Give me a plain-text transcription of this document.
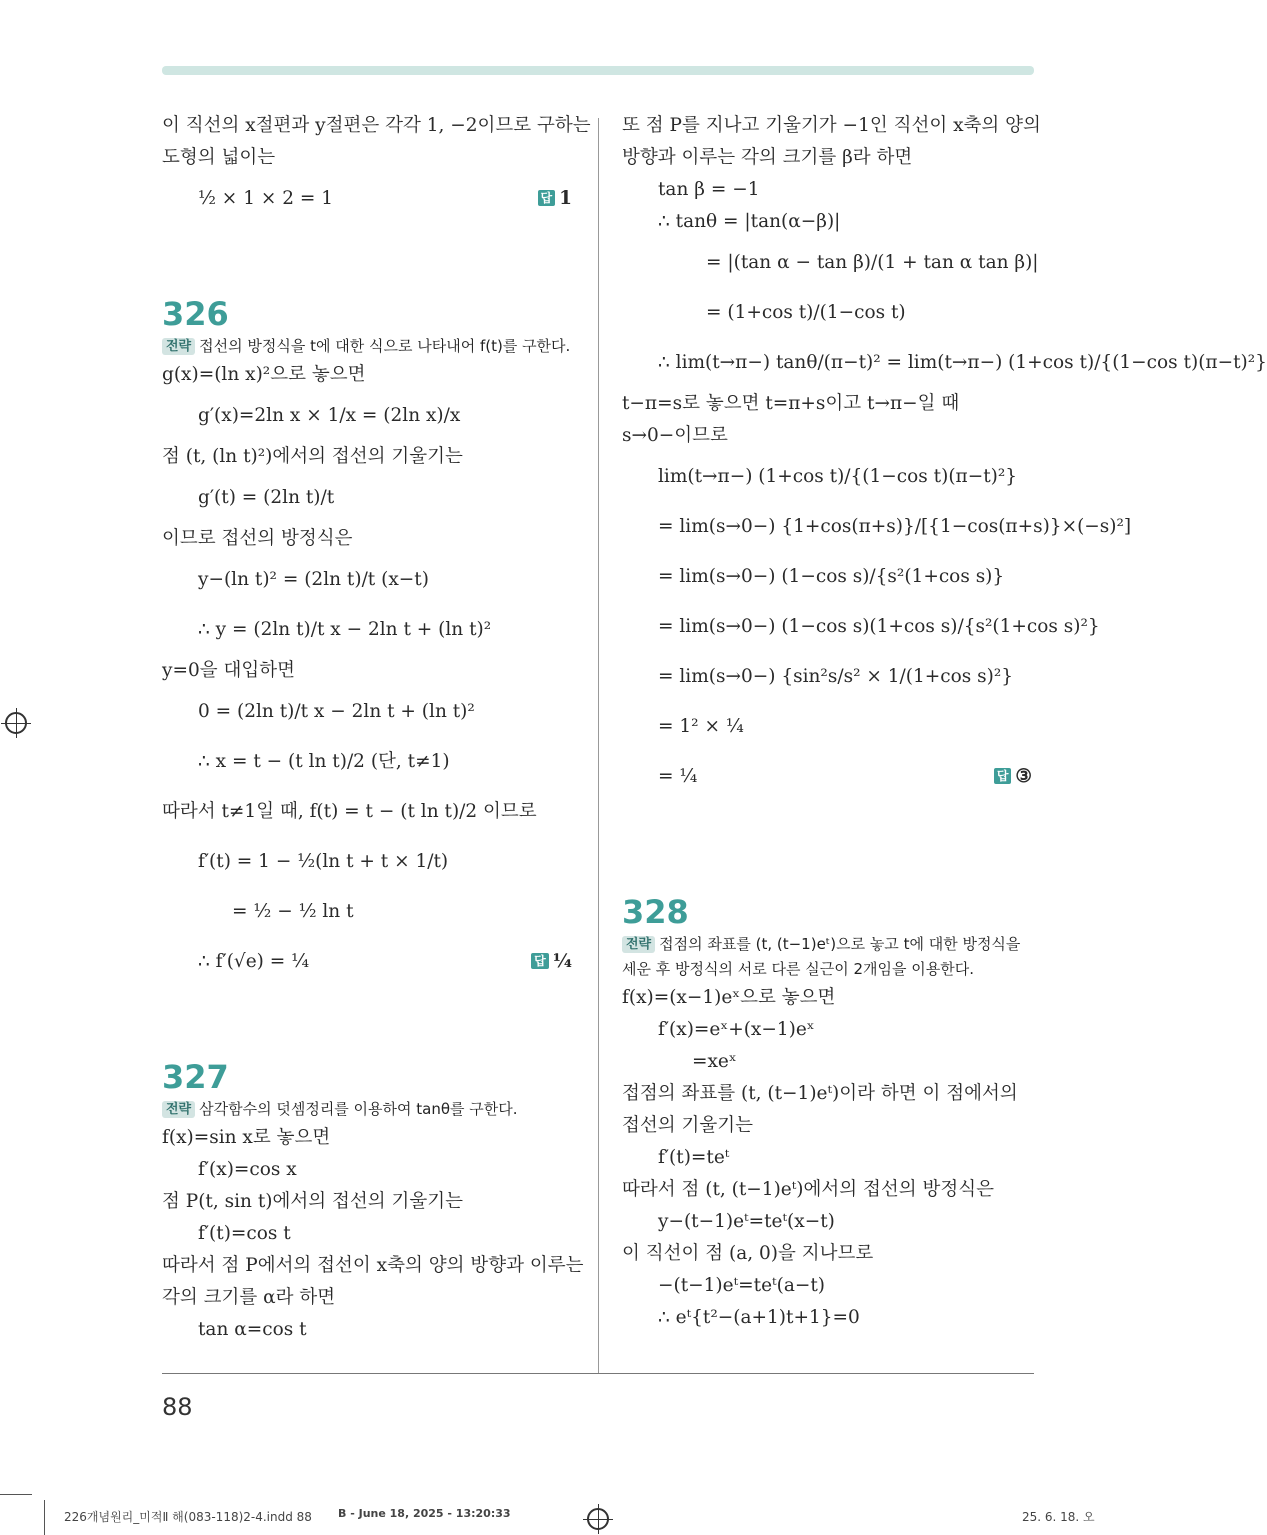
이 직선의 x절편과 y절편은 각각 1, −2이므로 구하는
도형의 넓이는
½ × 1 × 2 = 1	답 1
326
전략 접선의 방정식을 t에 대한 식으로 나타내어 f(t)를 구한다.
g(x)=(ln x)²으로 놓으면
g′(x)=2ln x × 1/x = (2ln x)/x
점 (t, (ln t)²)에서의 접선의 기울기는
g′(t) = (2ln t)/t
이므로 접선의 방정식은
y−(ln t)² = (2ln t)/t (x−t)
∴ y = (2ln t)/t x − 2ln t + (ln t)²
y=0을 대입하면
0 = (2ln t)/t x − 2ln t + (ln t)²
∴ x = t − (t ln t)/2 (단, t≠1)
따라서 t≠1일 때, f(t) = t − (t ln t)/2 이므로
f′(t) = 1 − ½(ln t + t × 1/t)
= ½ − ½ ln t
∴ f′(√e) = ¼	답 ¼
327
전략 삼각함수의 덧셈정리를 이용하여 tanθ를 구한다.
f(x)=sin x로 놓으면
f′(x)=cos x
점 P(t, sin t)에서의 접선의 기울기는
f′(t)=cos t
따라서 점 P에서의 접선이 x축의 양의 방향과 이루는
각의 크기를 α라 하면
tan α=cos t
또 점 P를 지나고 기울기가 −1인 직선이 x축의 양의
방향과 이루는 각의 크기를 β라 하면
tan β = −1
∴ tanθ = |tan(α−β)|
= |(tan α − tan β)/(1 + tan α tan β)|
= (1+cos t)/(1−cos t)
∴ lim(t→π−) tanθ/(π−t)² = lim(t→π−) (1+cos t)/{(1−cos t)(π−t)²}
t−π=s로 놓으면 t=π+s이고 t→π−일 때
s→0−이므로
lim(t→π−) (1+cos t)/{(1−cos t)(π−t)²}
= lim(s→0−) {1+cos(π+s)}/[{1−cos(π+s)}×(−s)²]
= lim(s→0−) (1−cos s)/{s²(1+cos s)}
= lim(s→0−) (1−cos s)(1+cos s)/{s²(1+cos s)²}
= lim(s→0−) {sin²s/s² × 1/(1+cos s)²}
= 1² × ¼
= ¼	답 ③
328
전략 접점의 좌표를 (t, (t−1)eᵗ)으로 놓고 t에 대한 방정식을
세운 후 방정식의 서로 다른 실근이 2개임을 이용한다.
f(x)=(x−1)eˣ으로 놓으면
f′(x)=eˣ+(x−1)eˣ
=xeˣ
접점의 좌표를 (t, (t−1)eᵗ)이라 하면 이 점에서의
접선의 기울기는
f′(t)=teᵗ
따라서 점 (t, (t−1)eᵗ)에서의 접선의 방정식은
y−(t−1)eᵗ=teᵗ(x−t)
이 직선이 점 (a, 0)을 지나므로
−(t−1)eᵗ=teᵗ(a−t)
∴ eᵗ{t²−(a+1)t+1}=0
88
226개념원리_미적Ⅱ 해(083-118)2-4.indd 88 B - June 18, 2025 - 13:20:33	25. 6. 18. 오
